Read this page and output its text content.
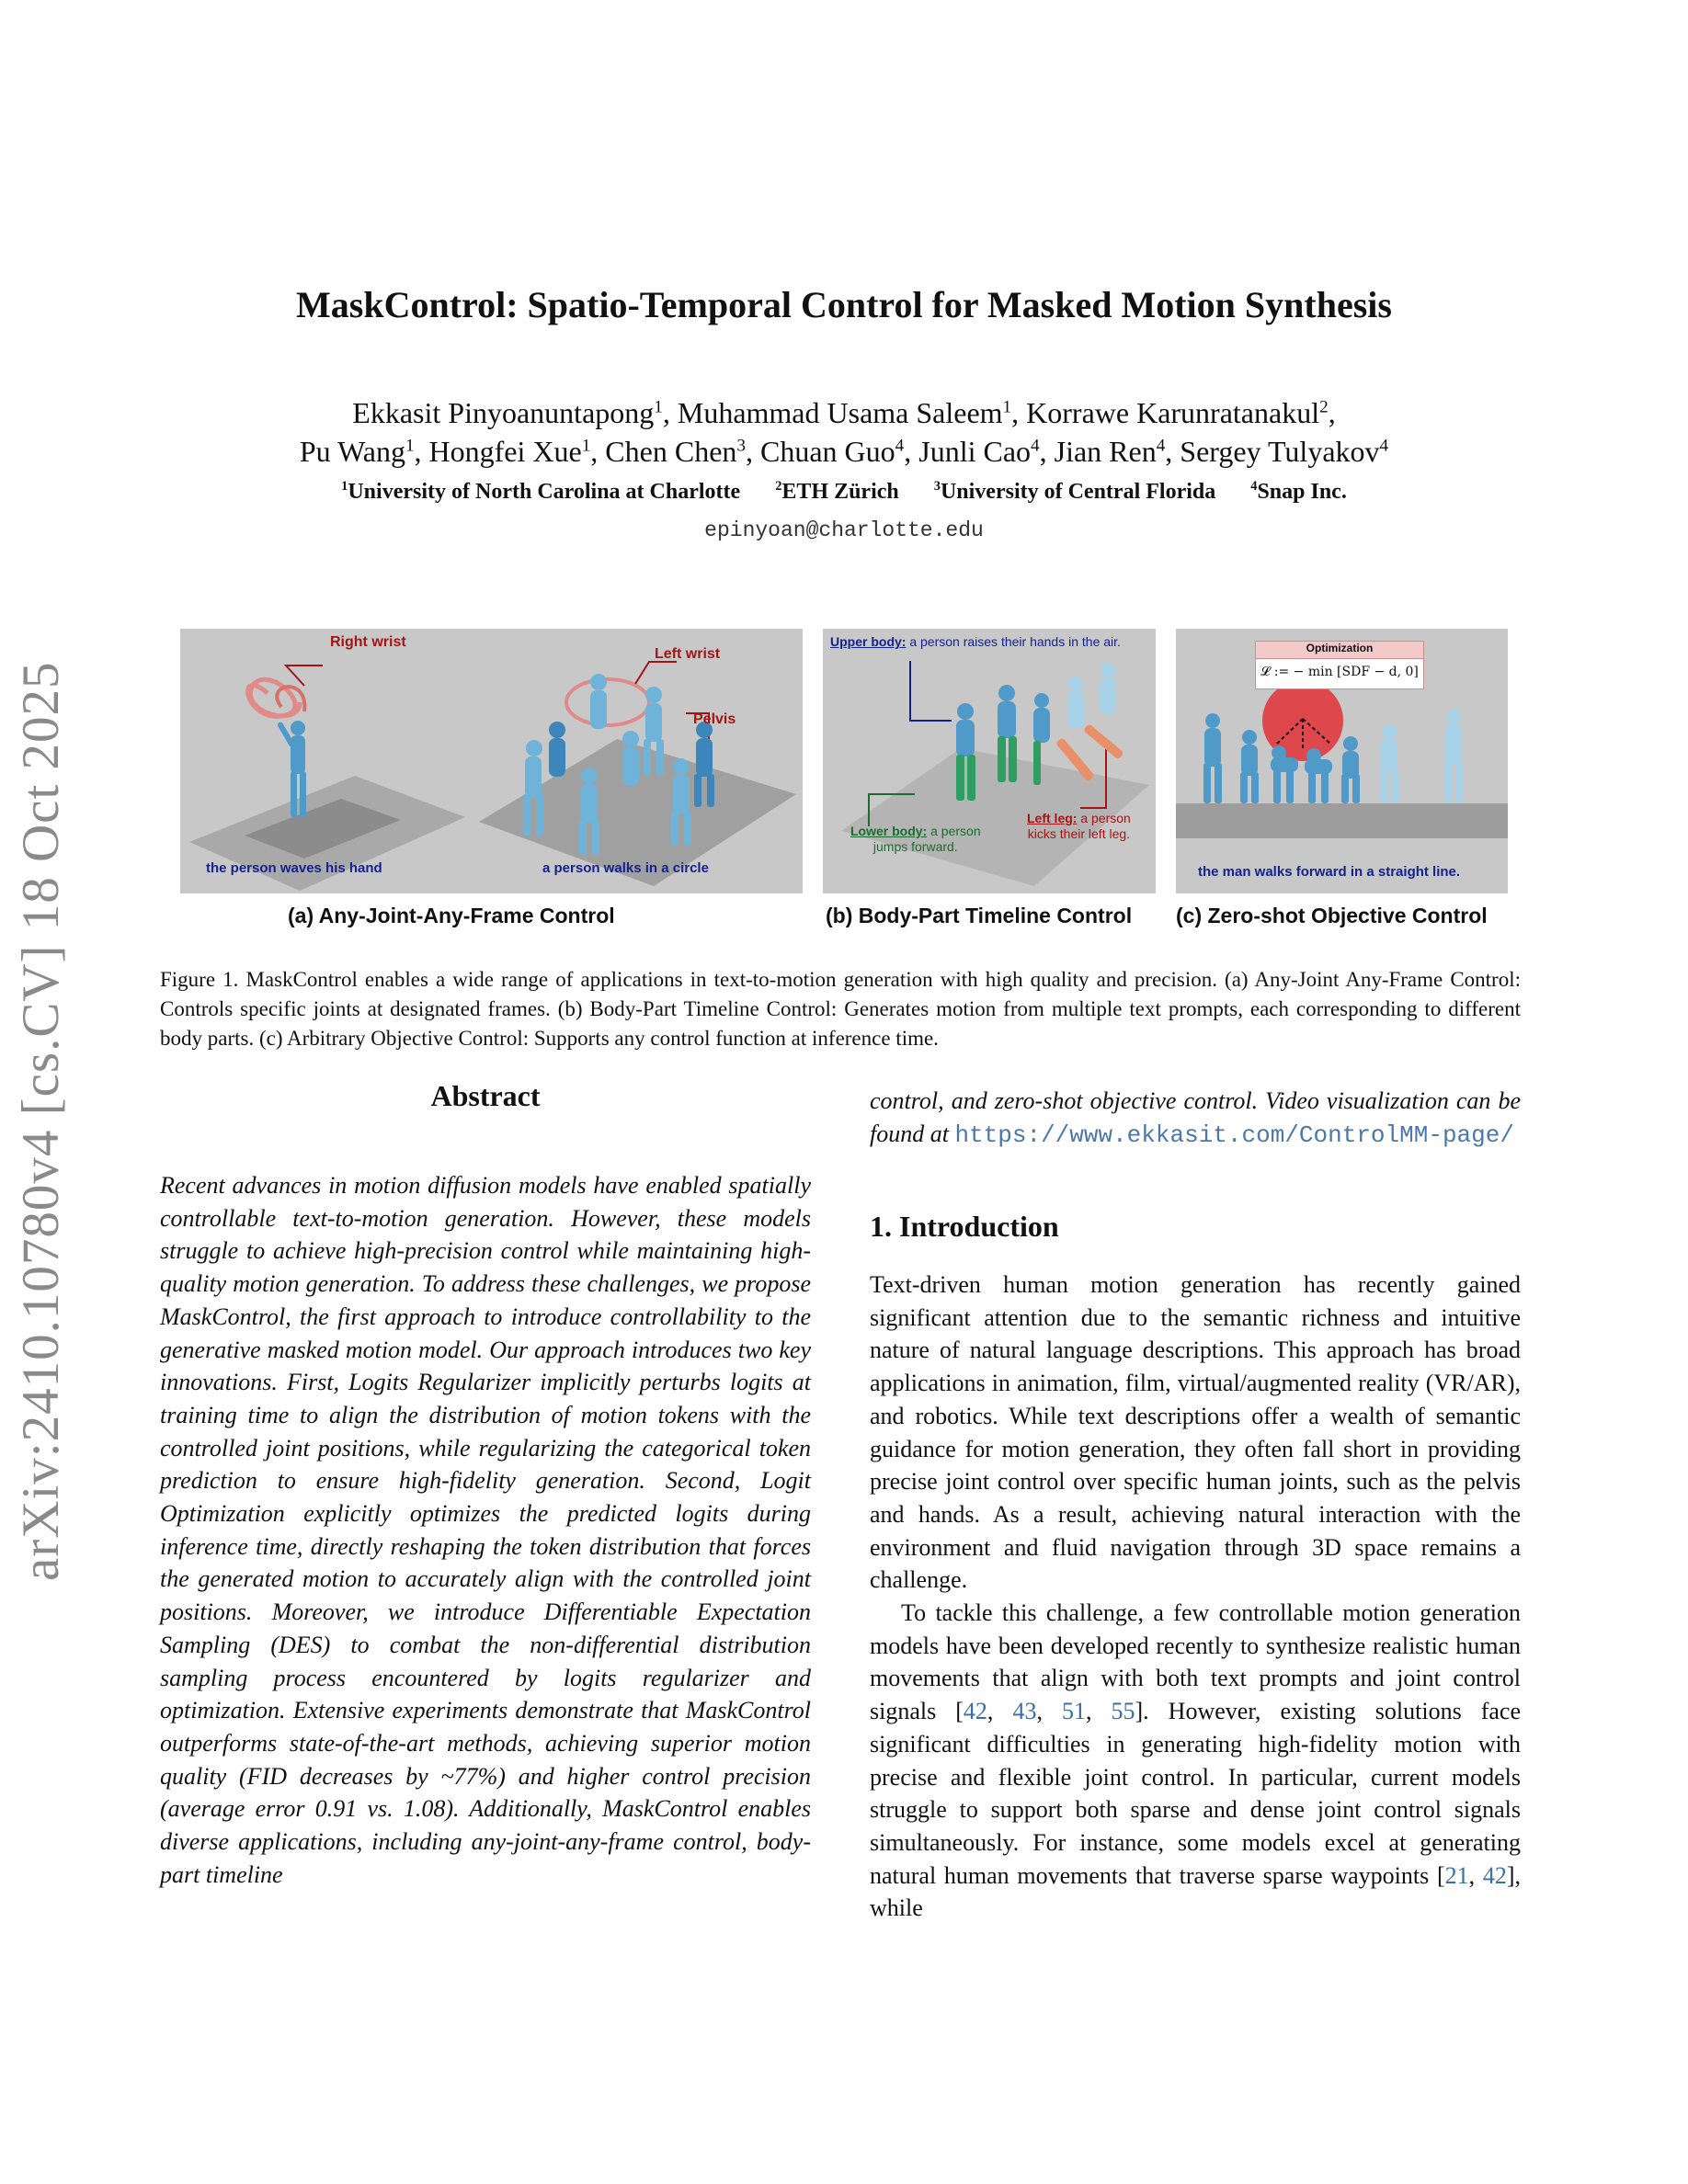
arXiv:2410.10780v4 [cs.CV] 18 Oct 2025
MaskControl: Spatio-Temporal Control for Masked Motion Synthesis
Ekkasit Pinyoanuntapong$^1$, Muhammad Usama Saleem$^1$, Korrawe Karunratanakul$^2$,
Pu Wang$^1$, Hongfei Xue$^1$, Chen Chen$^3$, Chuan Guo$^4$, Junli Cao$^4$, Jian Ren$^4$, Sergey Tulyakov$^4$
$^1$University of North Carolina at Charlotte	$^2$ETH Zürich	$^3$University of Central Florida	$^4$Snap Inc.
epinyoan@charlotte.edu
Right wrist
the person waves his hand
Left wrist
Pelvis
a person walks in a circle
Upper body: a person raises their hands in the air.
Lower body: a person
jumps forward.
Left leg: a person
kicks their left leg.
Optimization
𝓛 := − min [SDF − d, 0]
the man walks forward in a straight line.
(a) Any-Joint-Any-Frame Control	(b) Body-Part Timeline Control (c) Zero-shot Objective Control
Figure 1. MaskControl enables a wide range of applications in text-to-motion generation with high quality and precision. (a) Any-Joint Any-Frame Control: Controls specific joints at designated frames. (b) Body-Part Timeline Control: Generates motion from multiple text prompts, each corresponding to different body parts. (c) Arbitrary Objective Control: Supports any control function at inference time.
Abstract
Recent advances in motion diffusion models have enabled spatially controllable text-to-motion generation. However, these models struggle to achieve high-precision control while maintaining high-quality motion generation. To address these challenges, we propose MaskControl, the first approach to introduce controllability to the generative masked motion model. Our approach introduces two key innovations. First, Logits Regularizer implicitly perturbs logits at training time to align the distribution of motion tokens with the controlled joint positions, while regularizing the categorical token prediction to ensure high-fidelity generation. Second, Logit Optimization explicitly optimizes the predicted logits during inference time, directly reshaping the token distribution that forces the generated motion to accurately align with the controlled joint positions. Moreover, we introduce Differentiable Expectation Sampling (DES) to combat the non-differential distribution sampling process encountered by logits regularizer and optimization. Extensive experiments demonstrate that MaskControl outperforms state-of-the-art methods, achieving superior motion quality (FID decreases by ~77%) and higher control precision (average error 0.91 vs. 1.08). Additionally, MaskControl enables diverse applications, including any-joint-any-frame control, body-part timeline
control, and zero-shot objective control. Video visualization can be found at https://www.ekkasit.com/ControlMM-page/
1. Introduction

Text-driven human motion generation has recently gained significant attention due to the semantic richness and intuitive nature of natural language descriptions. This approach has broad applications in animation, film, virtual/augmented reality (VR/AR), and robotics. While text descriptions offer a wealth of semantic guidance for motion generation, they often fall short in providing precise joint control over specific human joints, such as the pelvis and hands. As a result, achieving natural interaction with the environment and fluid navigation through 3D space remains a challenge.

To tackle this challenge, a few controllable motion generation models have been developed recently to synthesize realistic human movements that align with both text prompts and joint control signals [42, 43, 51, 55]. However, existing solutions face significant difficulties in generating high-fidelity motion with precise and flexible joint control. In particular, current models struggle to support both sparse and dense joint control signals simultaneously. For instance, some models excel at generating natural human movements that traverse sparse waypoints [21, 42], while
